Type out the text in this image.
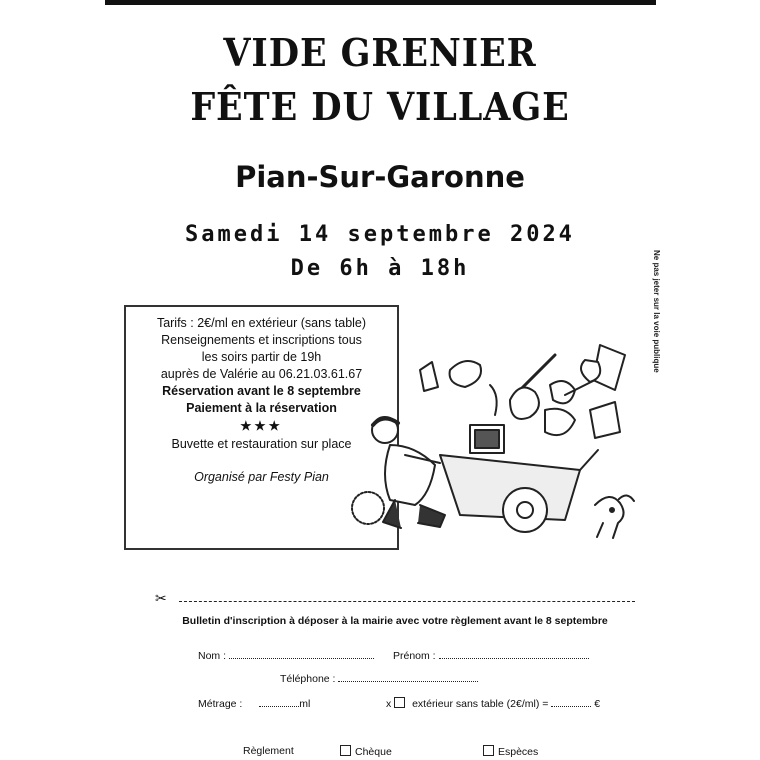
VIDE GRENIER
FÊTE DU VILLAGE
Pian-Sur-Garonne
Samedi 14 septembre 2024
De 6h à 18h	Ne pas jeter sur la voie publique
Tarifs : 2€/ml en extérieur (sans table)
Renseignements et inscriptions tous
les soirs partir de 19h
auprès de Valérie au 06.21.03.61.67
Réservation avant le 8 septembre
Paiement à la réservation
★★★
Buvette et restauration sur place
Organisé par Festy Pian
✂
Bulletin d'inscription à déposer à la mairie avec votre règlement avant le 8 septembre
Nom :	Prénom :
Téléphone :
Métrage :	ml	x extérieur sans table (2€/ml) =	€
Règlement	Chèque	Espèces
